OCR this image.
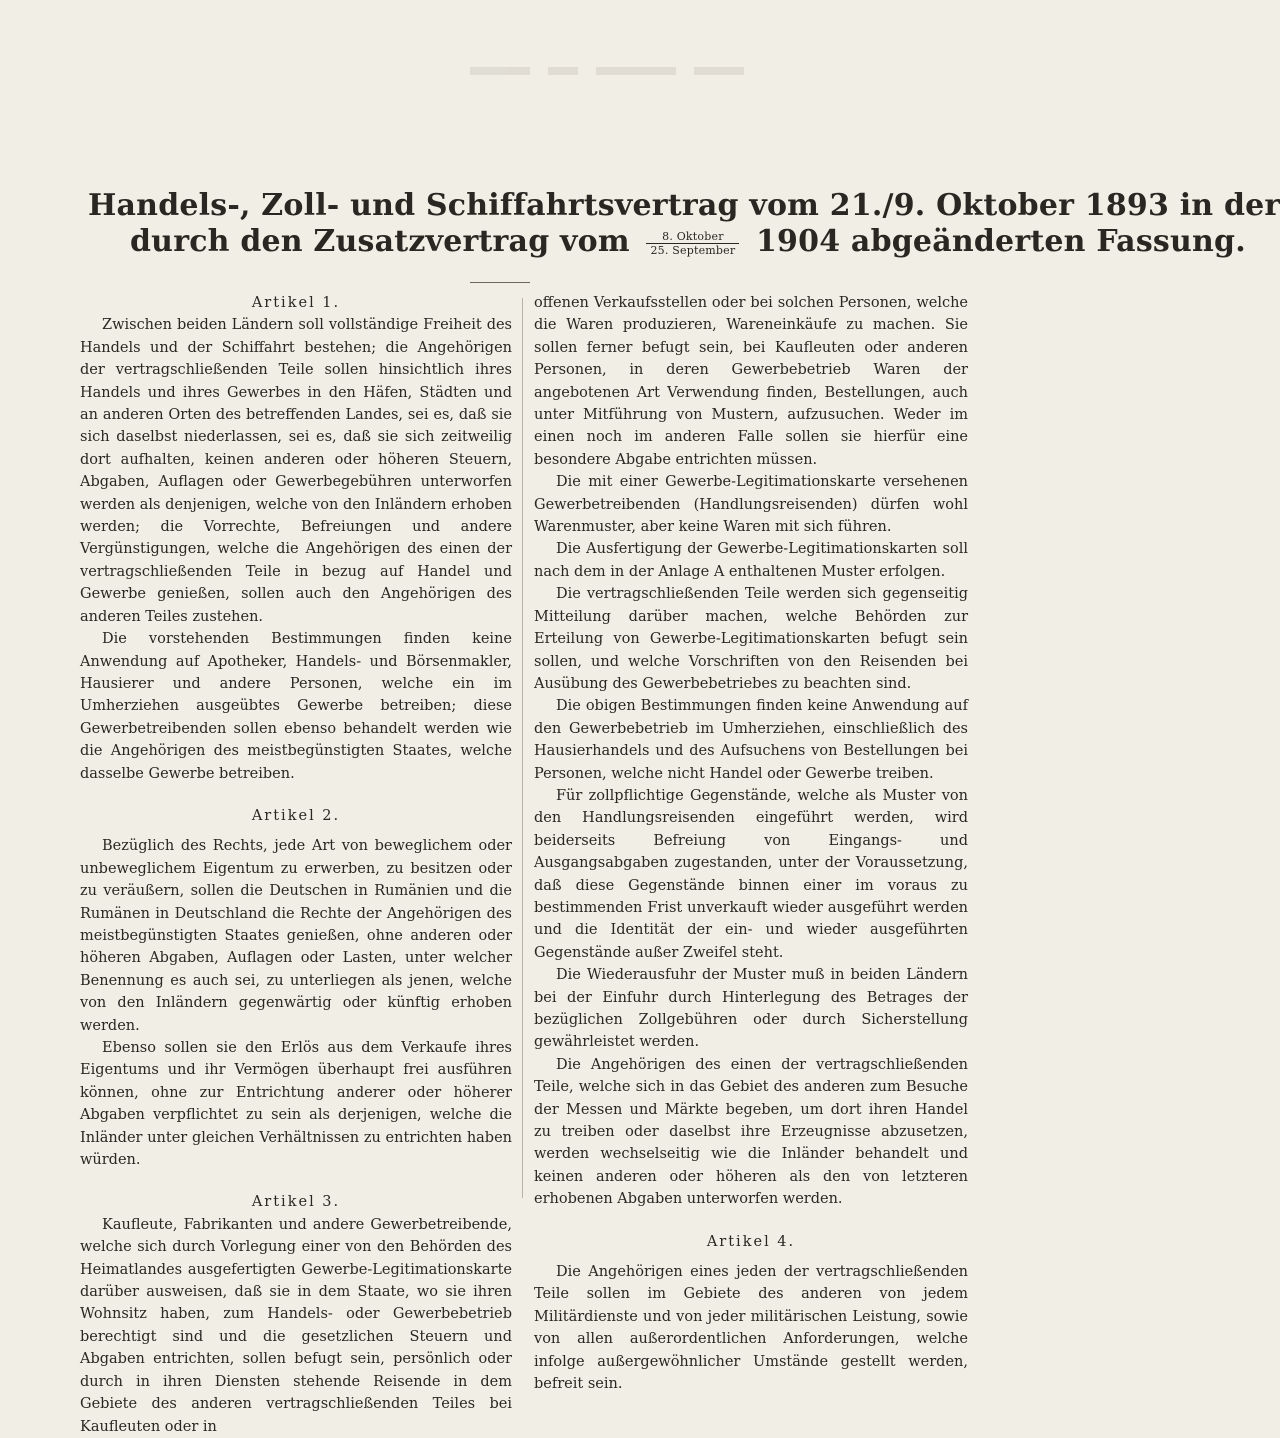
Handels-, Zoll- und Schiffahrtsvertrag vom 21./9. Oktober 1893 in der
durch den Zusatzvertrag vom $\frac{\text{8. Oktober}}{\text{25. September}} 1904$ abgeänderten Fassung.
Artikel 1.

Zwischen beiden Ländern soll vollständige Freiheit des Handels und der Schiffahrt bestehen; die Angehörigen der vertragschließenden Teile sollen hinsichtlich ihres Handels und ihres Gewerbes in den Häfen, Städten und an anderen Orten des betreffenden Landes, sei es, daß sie sich daselbst niederlassen, sei es, daß sie sich zeitweilig dort aufhalten, keinen anderen oder höheren Steuern, Abgaben, Auflagen oder Gewerbegebühren unterworfen werden als denjenigen, welche von den Inländern erhoben werden; die Vorrechte, Befreiungen und andere Vergünstigungen, welche die Angehörigen des einen der vertragschließenden Teile in bezug auf Handel und Gewerbe genießen, sollen auch den Angehörigen des anderen Teiles zustehen.

Die vorstehenden Bestimmungen finden keine Anwendung auf Apotheker, Handels- und Börsenmakler, Hausierer und andere Personen, welche ein im Umherziehen ausgeübtes Gewerbe betreiben; diese Gewerbetreibenden sollen ebenso behandelt werden wie die Angehörigen des meistbegünstigten Staates, welche dasselbe Gewerbe betreiben.

Artikel 2.

Bezüglich des Rechts, jede Art von beweglichem oder unbeweglichem Eigentum zu erwerben, zu besitzen oder zu veräußern, sollen die Deutschen in Rumänien und die Rumänen in Deutschland die Rechte der Angehörigen des meistbegünstigten Staates genießen, ohne anderen oder höheren Abgaben, Auflagen oder Lasten, unter welcher Benennung es auch sei, zu unterliegen als jenen, welche von den Inländern gegenwärtig oder künftig erhoben werden.

Ebenso sollen sie den Erlös aus dem Verkaufe ihres Eigentums und ihr Vermögen überhaupt frei ausführen können, ohne zur Entrichtung anderer oder höherer Abgaben verpflichtet zu sein als derjenigen, welche die Inländer unter gleichen Verhältnissen zu entrichten haben würden.

Artikel 3.

Kaufleute, Fabrikanten und andere Gewerbetreibende, welche sich durch Vorlegung einer von den Behörden des Heimatlandes ausgefertigten Gewerbe-Legitimationskarte darüber ausweisen, daß sie in dem Staate, wo sie ihren Wohnsitz haben, zum Handels- oder Gewerbebetrieb berechtigt sind und die gesetzlichen Steuern und Abgaben entrichten, sollen befugt sein, persönlich oder durch in ihren Diensten stehende Reisende in dem Gebiete des anderen vertragschließenden Teiles bei Kaufleuten oder in

offenen Verkaufsstellen oder bei solchen Personen, welche die Waren produzieren, Wareneinkäufe zu machen. Sie sollen ferner befugt sein, bei Kaufleuten oder anderen Personen, in deren Gewerbebetrieb Waren der angebotenen Art Verwendung finden, Bestellungen, auch unter Mitführung von Mustern, aufzusuchen. Weder im einen noch im anderen Falle sollen sie hierfür eine besondere Abgabe entrichten müssen.

Die mit einer Gewerbe-Legitimationskarte versehenen Gewerbetreibenden (Handlungsreisenden) dürfen wohl Warenmuster, aber keine Waren mit sich führen.

Die Ausfertigung der Gewerbe-Legitimationskarten soll nach dem in der Anlage A enthaltenen Muster erfolgen.

Die vertragschließenden Teile werden sich gegenseitig Mitteilung darüber machen, welche Behörden zur Erteilung von Gewerbe-Legitimationskarten befugt sein sollen, und welche Vorschriften von den Reisenden bei Ausübung des Gewerbebetriebes zu beachten sind.

Die obigen Bestimmungen finden keine Anwendung auf den Gewerbebetrieb im Umherziehen, einschließlich des Hausierhandels und des Aufsuchens von Bestellungen bei Personen, welche nicht Handel oder Gewerbe treiben.

Für zollpflichtige Gegenstände, welche als Muster von den Handlungsreisenden eingeführt werden, wird beiderseits Befreiung von Eingangs- und Ausgangsabgaben zugestanden, unter der Voraussetzung, daß diese Gegenstände binnen einer im voraus zu bestimmenden Frist unverkauft wieder ausgeführt werden und die Identität der ein- und wieder ausgeführten Gegenstände außer Zweifel steht.

Die Wiederausfuhr der Muster muß in beiden Ländern bei der Einfuhr durch Hinterlegung des Betrages der bezüglichen Zollgebühren oder durch Sicherstellung gewährleistet werden.

Die Angehörigen des einen der vertragschließenden Teile, welche sich in das Gebiet des anderen zum Besuche der Messen und Märkte begeben, um dort ihren Handel zu treiben oder daselbst ihre Erzeugnisse abzusetzen, werden wechselseitig wie die Inländer behandelt und keinen anderen oder höheren als den von letzteren erhobenen Abgaben unterworfen werden.

Artikel 4.

Die Angehörigen eines jeden der vertragschließenden Teile sollen im Gebiete des anderen von jedem Militärdienste und von jeder militärischen Leistung, sowie von allen außerordentlichen Anforderungen, welche infolge außergewöhnlicher Umstände gestellt werden, befreit sein.
